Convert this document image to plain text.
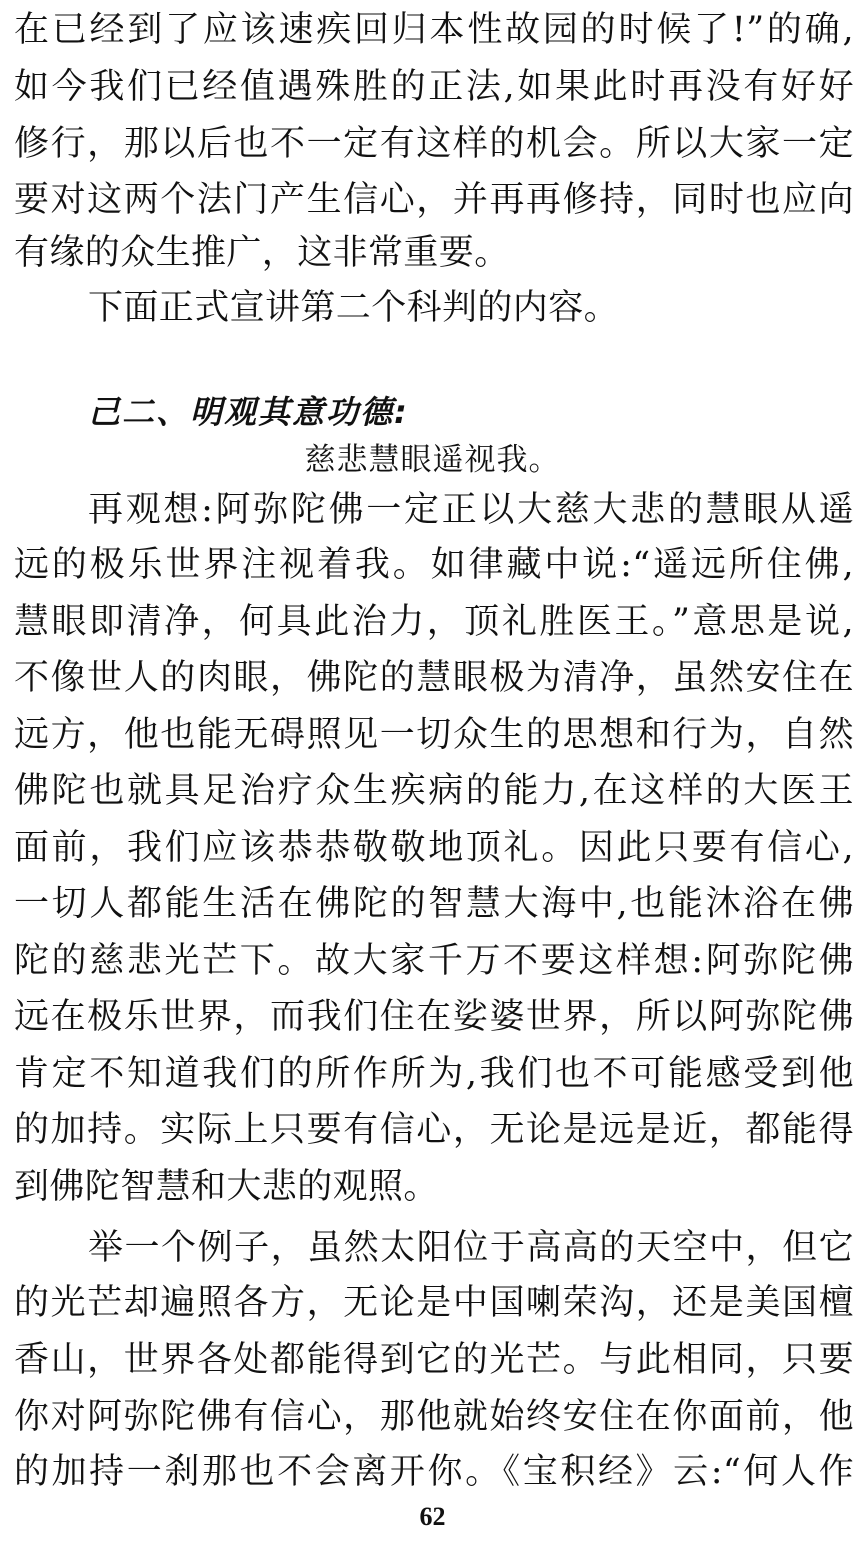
在已经到了应该速疾回归本性故园的时候了!”的确,
如今我们已经值遇殊胜的正法,如果此时再没有好好
修行，那以后也不一定有这样的机会。所以大家一定
要对这两个法门产生信心，并再再修持，同时也应向
有缘的众生推广，这非常重要。
下面正式宣讲第二个科判的内容。
己二、明观其意功德:
慈悲慧眼遥视我。
再观想:阿弥陀佛一定正以大慈大悲的慧眼从遥
远的极乐世界注视着我。如律藏中说:“遥远所住佛,
慧眼即清净，何具此治力，顶礼胜医王。”意思是说,
不像世人的肉眼，佛陀的慧眼极为清净，虽然安住在
远方，他也能无碍照见一切众生的思想和行为，自然
佛陀也就具足治疗众生疾病的能力,在这样的大医王
面前，我们应该恭恭敬敬地顶礼。因此只要有信心,
一切人都能生活在佛陀的智慧大海中,也能沐浴在佛
陀的慈悲光芒下。故大家千万不要这样想:阿弥陀佛
远在极乐世界，而我们住在娑婆世界，所以阿弥陀佛
肯定不知道我们的所作所为,我们也不可能感受到他
的加持。实际上只要有信心，无论是远是近，都能得
到佛陀智慧和大悲的观照。
举一个例子，虽然太阳位于高高的天空中，但它
的光芒却遍照各方，无论是中国喇荣沟，还是美国檀
香山，世界各处都能得到它的光芒。与此相同，只要
你对阿弥陀佛有信心，那他就始终安住在你面前，他
的加持一刹那也不会离开你。《宝积经》云:“何人作
62
